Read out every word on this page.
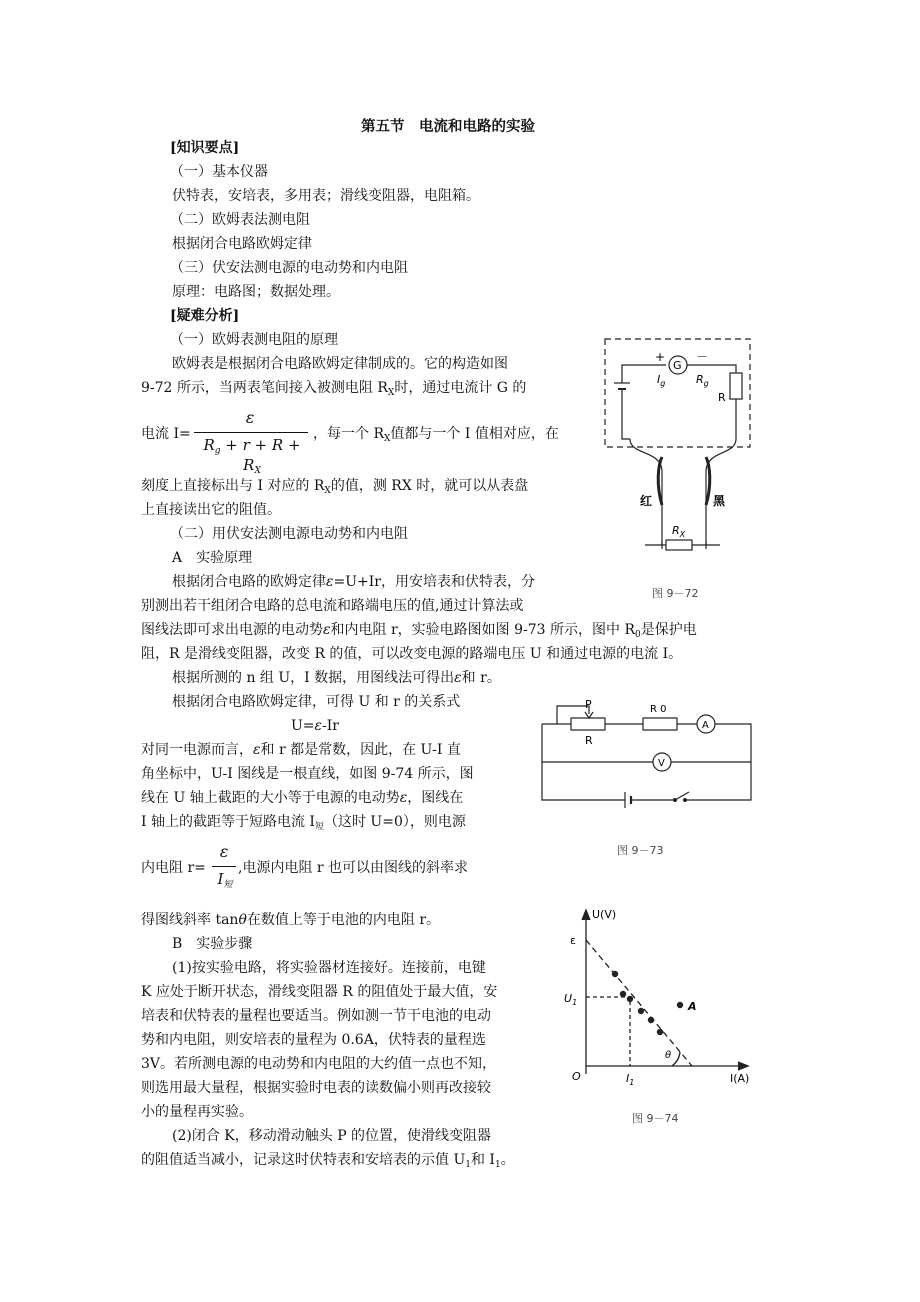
第五节　电流和电路的实验
[知识要点]
（一）基本仪器
伏特表，安培表，多用表；滑线变阻器，电阻箱。
（二）欧姆表法测电阻
根据闭合电路欧姆定律
（三）伏安法测电源的电动势和内电阻
原理：电路图；数据处理。
[疑难分析]
（一）欧姆表测电阻的原理
欧姆表是根据闭合电路欧姆定律制成的。它的构造如图
9-72 所示，当两表笔间接入被测电阻 $R_X$时，通过电流计 G 的
电流 I=
ε
$R_g + r + R + R_X$
，每一个 $R_X$值都与一个 I 值相对应，在
刻度上直接标出与 I 对应的 $R_X$的值，测 RX 时，就可以从表盘
上直接读出它的阻值。
（二）用伏安法测电源电动势和内电阻
A　实验原理
根据闭合电路的欧姆定律ε=U+Ir，用安培表和伏特表，分
别测出若干组闭合电路的总电流和路端电压的值,通过计算法或
图线法即可求出电源的电动势ε和内电阻 r，实验电路图如图 9-73 所示，图中 $R_0$是保护电
阻，R 是滑线变阻器，改变 R 的值，可以改变电源的路端电压 U 和通过电源的电流 I。
根据所测的 n 组 U，I 数据，用图线法可得出ε和 r。
根据闭合电路欧姆定律，可得 U 和 r 的关系式
U=ε-Ir
对同一电源而言，ε和 r 都是常数，因此，在 U-I 直
角坐标中，U-I 图线是一根直线，如图 9-74 所示，图
线在 U 轴上截距的大小等于电源的电动势ε，图线在
I 轴上的截距等于短路电流 $I_短$（这时 U=0），则电源
内电阻 r=
ε
$I_短$
,电源内电阻 r 也可以由图线的斜率求
得图线斜率 tanθ在数值上等于电池的内电阻 r。
B　实验步骤
(1)按实验电路，将实验器材连接好。连接前，电键
K 应处于断开状态，滑线变阻器 R 的阻值处于最大值，安
培表和伏特表的量程也要适当。例如测一节干电池的电动
势和内电阻，则安培表的量程为 0.6A，伏特表的量程选
3V。若所测电源的电动势和内电阻的大约值一点也不知，
则选用最大量程，根据实验时电表的读数偏小则再改接较
小的量程再实验。
(2)闭合 K，移动滑动触头 P 的位置，使滑线变阻器
的阻值适当减小，记录这时伏特表和安培表的示值 $U_1$和 $I_1$。
+	－
G
$I_g$	$R_g$
R
红	黑
$R_X$
图 9－72
P
R
R 0
A
V
图 9－73
U(V)
I(A)
ε
$U_1$
$I_1$
O
A
θ
图 9－74
